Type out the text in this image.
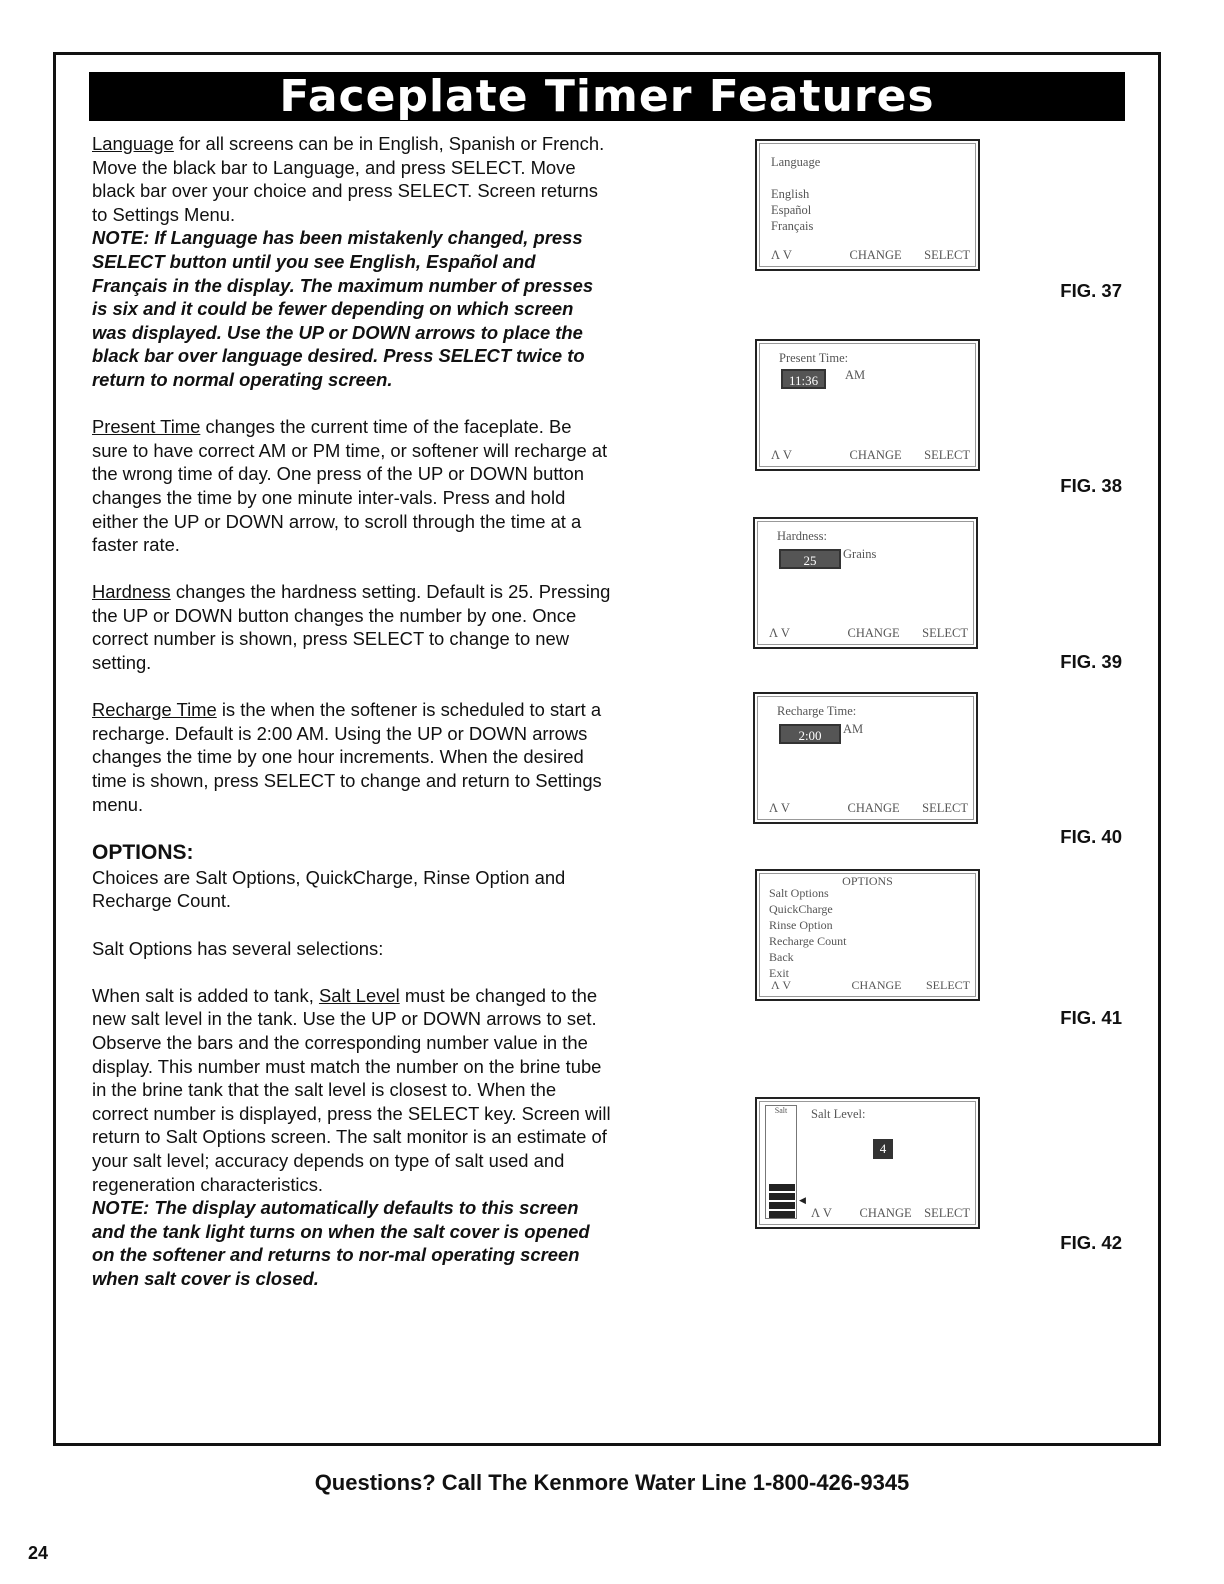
Faceplate Timer Features

Language for all screens can be in English, Spanish or French. Move the black bar to Language, and press SELECT. Move black bar over your choice and press SELECT. Screen returns to Settings Menu.

NOTE: If Language has been mistakenly changed, press SELECT button until you see English, Español and Français in the display. The maximum number of presses is six and it could be fewer depending on which screen was displayed. Use the UP or DOWN arrows to place the black bar over language desired. Press SELECT twice to return to normal operating screen.

Present Time changes the current time of the faceplate. Be sure to have correct AM or PM time, or softener will recharge at the wrong time of day. One press of the UP or DOWN button changes the time by one minute inter-vals. Press and hold either the UP or DOWN arrow, to scroll through the time at a faster rate.

Hardness changes the hardness setting. Default is 25. Pressing the UP or DOWN button changes the number by one. Once correct number is shown, press SELECT to change to new setting.

Recharge Time is the when the softener is scheduled to start a recharge. Default is 2:00 AM. Using the UP or DOWN arrows changes the time by one hour increments. When the desired time is shown, press SELECT to change and return to Settings menu.

OPTIONS:

Choices are Salt Options, QuickCharge, Rinse Option and Recharge Count.

Salt Options has several selections:

When salt is added to tank, Salt Level must be changed to the new salt level in the tank. Use the UP or DOWN arrows to set. Observe the bars and the corresponding number value in the display. This number must match the number on the brine tube in the brine tank that the salt level is closest to. When the correct number is displayed, press the SELECT key. Screen will return to Salt Options screen. The salt monitor is an estimate of your salt level; accuracy depends on type of salt used and regeneration characteristics.

NOTE: The display automatically defaults to this screen and the tank light turns on when the salt cover is opened on the softener and returns to nor-mal operating screen when salt cover is closed.

Language
English
Español
Français
Λ V	CHANGE SELECT
FIG. 37
Present Time:
11:36	AM
Λ V	CHANGE SELECT
FIG. 38
Hardness:
25	Grains
Λ V	CHANGE SELECT
FIG. 39
Recharge Time:
2:00	AM
Λ V	CHANGE SELECT
FIG. 40
OPTIONS
Salt Options
QuickCharge
Rinse Option
Recharge Count
Back
Exit
Λ V	CHANGE SELECT
FIG. 41
Salt
◀
Salt Level:
4
Λ V	CHANGE SELECT
FIG. 42
Questions? Call The Kenmore Water Line 1-800-426-9345
24
